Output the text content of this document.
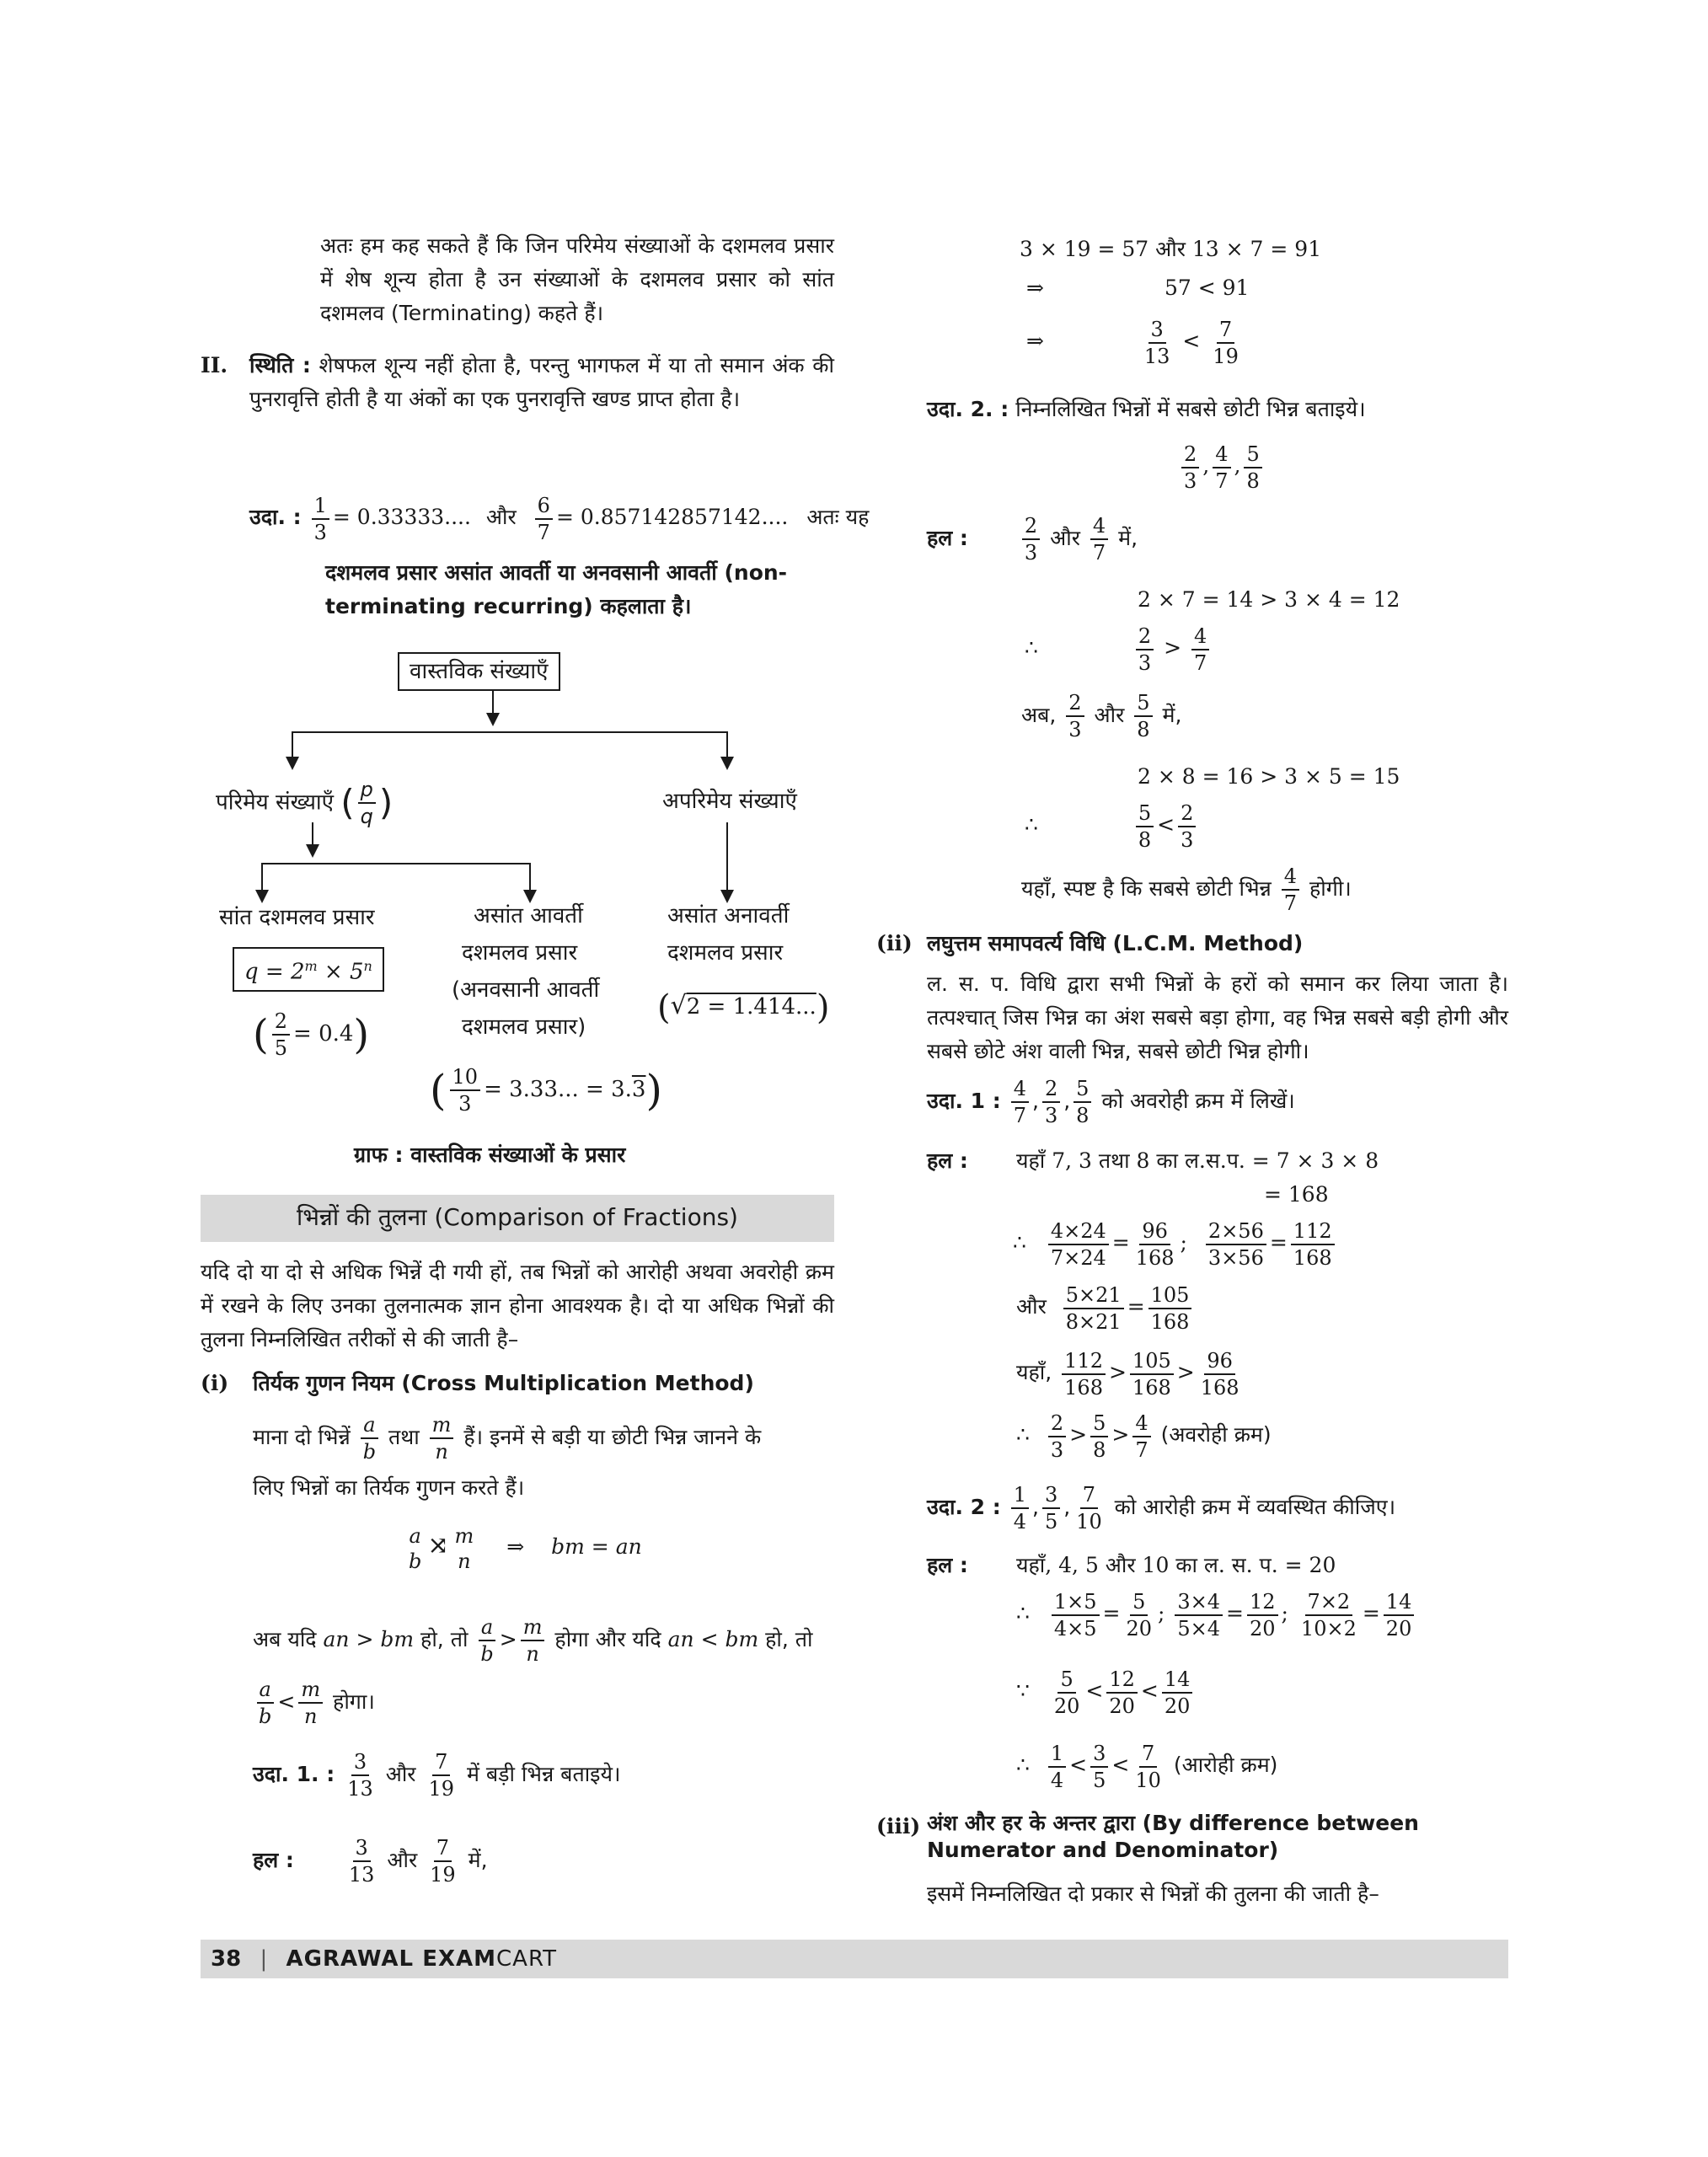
अतः हम कह सकते हैं कि जिन परिमेय संख्याओं के दशमलव प्रसार में शेष शून्य होता है उन संख्याओं के दशमलव प्रसार को सांत दशमलव (Terminating) कहते हैं।
II. स्थिति : शेषफल शून्य नहीं होता है, परन्तु भागफल में या तो समान अंक की पुनरावृत्ति होती है या अंकों का एक पुनरावृत्ति खण्ड प्राप्त होता है।
उदा. : $\frac{1}{3} = 0.33333$.... और $\frac{6}{7} = 0.857142857142$.... अतः यह
दशमलव प्रसार असांत आवर्ती या अनवसानी आवर्ती (non-terminating recurring) कहलाता है।
वास्तविक संख्याएँ
परिमेय संख्याएँ ( $\frac{p}{q}$ )	अपरिमेय संख्याएँ
सांत दशमलव प्रसार
$q = 2^m \times 5^n$
( $\frac{2}{5} = 0.4$)
असांत आवर्ती
दशमलव प्रसार
(अनवसानी आवर्ती
दशमलव प्रसार)
( $\frac{10}{3} = 3.33$... = 3.3)
असांत अनावर्ती
दशमलव प्रसार
(√2 = 1.414...)
ग्राफ : वास्तविक संख्याओं के प्रसार
भिन्नों की तुलना (Comparison of Fractions)
यदि दो या दो से अधिक भिन्नें दी गयी हों, तब भिन्नों को आरोही अथवा अवरोही क्रम में रखने के लिए उनका तुलनात्मक ज्ञान होना आवश्यक है। दो या अधिक भिन्नों की तुलना निम्नलिखित तरीकों से की जाती है–
(i) तिर्यक गुणन नियम (Cross Multiplication Method)
माना दो भिन्नें $\frac{a}{b}$ तथा $\frac{m}{n}$ हैं। इनमें से बड़ी या छोटी भिन्न जानने के
लिए भिन्नों का तिर्यक गुणन करते हैं।
a
b
⤨ m
n
⇒ bm = an
अब यदि an > bm हो, तो $\frac{a}{b} > \frac{m}{n}$ होगा और यदि an < bm हो, तो
$\frac{a}{b} < \frac{m}{n}$ होगा।
उदा. 1. : $\frac{3}{13}$ और $\frac{7}{19}$ में बड़ी भिन्न बताइये।
हल :	$\frac{3}{13}$ और $\frac{7}{19}$ में,
3 × 19 = 57 और 13 × 7 = 91
⇒	57 < 91
⇒	$\frac{3}{13} < \frac{7}{19}$
उदा. 2. : निम्नलिखित भिन्नों में सबसे छोटी भिन्न बताइये।
$\frac{2}{3}$ , $\frac{4}{7}$ , $\frac{5}{8}$
हल :	$\frac{2}{3}$ और $\frac{4}{7}$ में,
2 × 7 = 14 > 3 × 4 = 12
∴	$\frac{2}{3} > \frac{4}{7}$
अब, $\frac{2}{3}$ और $\frac{5}{8}$ में,
2 × 8 = 16 > 3 × 5 = 15
∴	$\frac{5}{8} < \frac{2}{3}$
यहाँ, स्पष्ट है कि सबसे छोटी भिन्न $\frac{4}{7}$ होगी।
(ii) लघुत्तम समापवर्त्य विधि (L.C.M. Method)
ल. स. प. विधि द्वारा सभी भिन्नों के हरों को समान कर लिया जाता है। तत्पश्चात् जिस भिन्न का अंश सबसे बड़ा होगा, वह भिन्न सबसे बड़ी होगी और सबसे छोटे अंश वाली भिन्न, सबसे छोटी भिन्न होगी।
उदा. 1 : $\frac{4}{7}$ , $\frac{2}{3}$ , $\frac{5}{8}$ को अवरोही क्रम में लिखें।
हल : यहाँ 7, 3 तथा 8 का ल.स.प. = 7 × 3 × 8
= 168
∴ $\frac{4\times 24}{7\times 24} = \frac{96}{168}$ ; $\frac{2\times 56}{3\times 56} = \frac{112}{168}$
और $\frac{5\times 21}{8\times 21} = \frac{105}{168}$
यहाँ, $\frac{112}{168} > \frac{105}{168} > \frac{96}{168}$
∴ $\frac{2}{3} > \frac{5}{8} > \frac{4}{7}$ (अवरोही क्रम)
उदा. 2 : $\frac{1}{4}$ , $\frac{3}{5}$ , $\frac{7}{10}$ को आरोही क्रम में व्यवस्थित कीजिए।
हल : यहाँ, 4, 5 और 10 का ल. स. प. = 20
∴ $\frac{1\times 5}{4\times 5} = \frac{5}{20}$ ; $\frac{3\times 4}{5\times 4} = \frac{12}{20}$ ; $\frac{7\times 2}{10\times 2} = \frac{14}{20}$
∵ $\frac{5}{20} < \frac{12}{20} < \frac{14}{20}$
∴ $\frac{1}{4} < \frac{3}{5} < \frac{7}{10}$ (आरोही क्रम)
(iii) अंश और हर के अन्तर द्वारा (By difference between Numerator and Denominator)
इसमें निम्नलिखित दो प्रकार से भिन्नों की तुलना की जाती है–
38 | AGRAWAL EXAMCART
